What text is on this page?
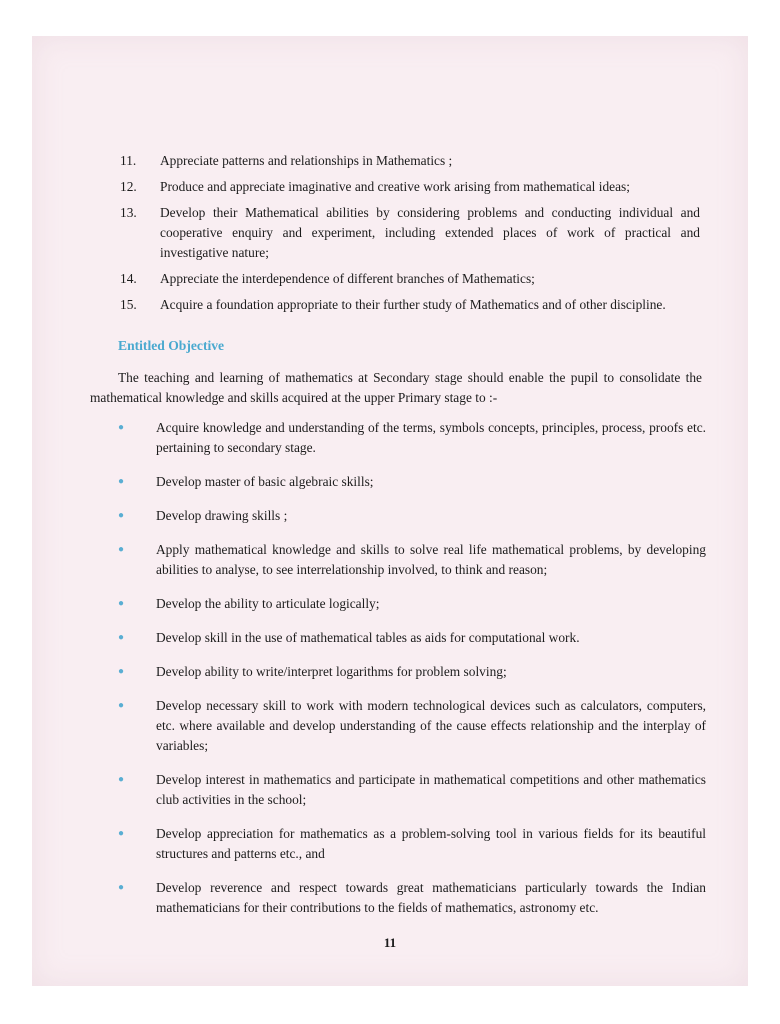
11.	Appreciate patterns and relationships in Mathematics ;
12.	Produce and appreciate imaginative and creative work arising from mathematical ideas;
13.	Develop their Mathematical abilities by considering problems and conducting individual and cooperative enquiry and experiment, including extended places of work of practical and investigative nature;
14.	Appreciate the interdependence of different branches of Mathematics;
15.	Acquire a foundation appropriate to their further study of Mathematics and of other discipline.
Entitled Objective

The teaching and learning of mathematics at Secondary stage should enable the pupil to consolidate the mathematical knowledge and skills acquired at the upper Primary stage to :-

●	Acquire knowledge and understanding of the terms, symbols concepts, principles, process, proofs etc. pertaining to secondary stage.
●	Develop master of basic algebraic skills;
●	Develop drawing skills ;
●	Apply mathematical knowledge and skills to solve real life mathematical problems, by developing abilities to analyse, to see interrelationship involved, to think and reason;
●	Develop the ability to articulate logically;
●	Develop skill in the use of mathematical tables as aids for computational work.
●	Develop ability to write/interpret logarithms for problem solving;
●	Develop necessary skill to work with modern technological devices such as calculators, computers, etc. where available and develop understanding of the cause effects relationship and the interplay of variables;
●	Develop interest in mathematics and participate in mathematical competitions and other mathematics club activities in the school;
●	Develop appreciation for mathematics as a problem-solving tool in various fields for its beautiful structures and patterns etc., and
●	Develop reverence and respect towards great mathematicians particularly towards the Indian mathematicians for their contributions to the fields of mathematics, astronomy etc.
11
